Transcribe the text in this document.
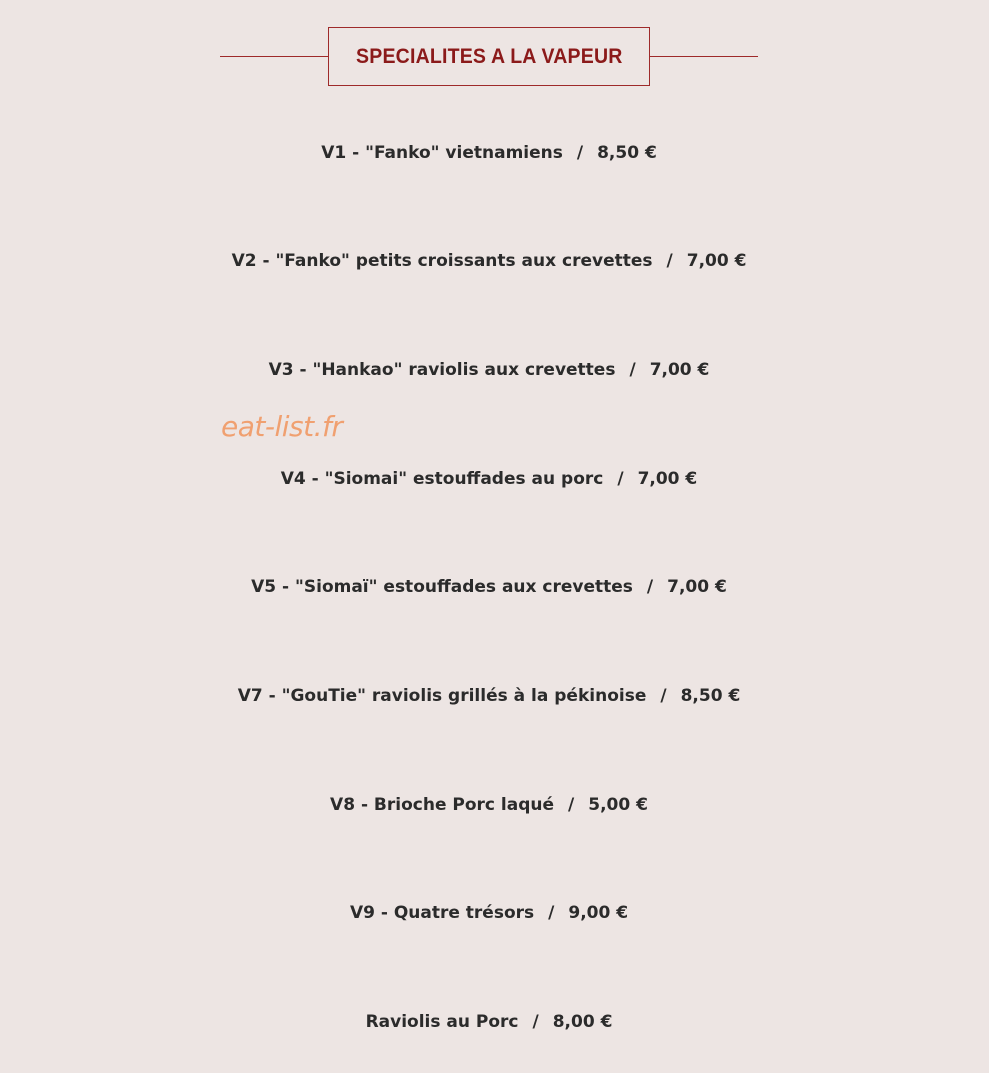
SPECIALITES A LA VAPEUR
eat-list.fr
V1 - "Fanko" vietnamiens / 8,50 €
V2 - "Fanko" petits croissants aux crevettes / 7,00 €
V3 - "Hankao" raviolis aux crevettes / 7,00 €
V4 - "Siomai" estouffades au porc / 7,00 €
V5 - "Siomaï" estouffades aux crevettes / 7,00 €
V7 - "GouTie" raviolis grillés à la pékinoise / 8,50 €
V8 - Brioche Porc laqué / 5,00 €
V9 - Quatre trésors / 9,00 €
Raviolis au Porc / 8,00 €
